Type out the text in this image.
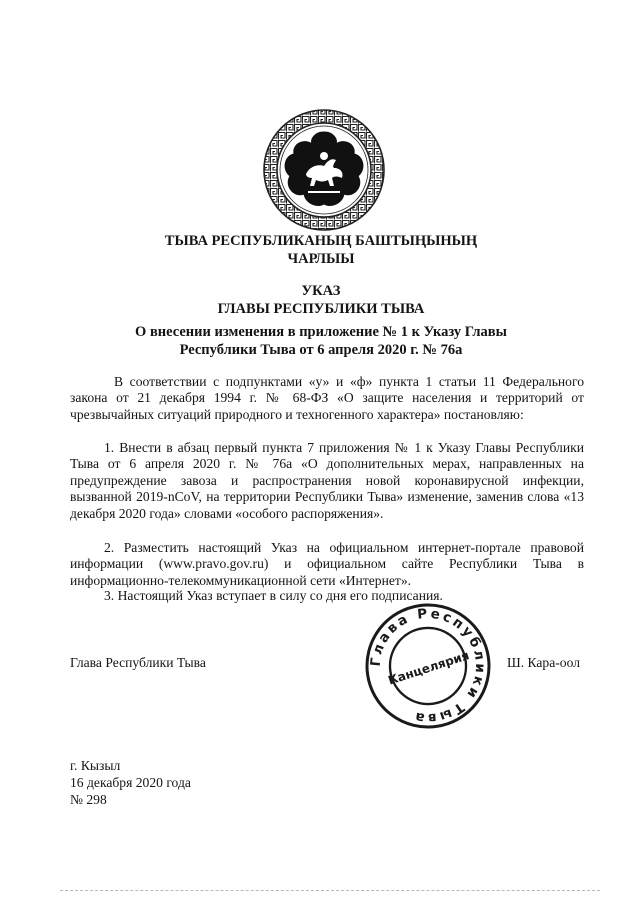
ТЫВА РЕСПУБЛИКАНЫҢ БАШТЫҢЫНЫҢ
ЧАРЛЫЫ
УКАЗ
ГЛАВЫ РЕСПУБЛИКИ ТЫВА
О внесении изменения в приложение № 1 к Указу Главы
Республики Тыва от 6 апреля 2020 г. № 76а

В соответствии с подпунктами «у» и «ф» пункта 1 статьи 11 Федерального закона от 21 декабря 1994 г. № 68-ФЗ «О защите населения и территорий от чрезвычайных ситуаций природного и техногенного характера» постановляю:

1. Внести в абзац первый пункта 7 приложения № 1 к Указу Главы Республики Тыва от 6 апреля 2020 г. № 76а «О дополнительных мерах, направленных на предупреждение завоза и распространения новой коронавирусной инфекции, вызванной 2019-nCoV, на территории Республики Тыва» изменение, заменив слова «13 декабря 2020 года» словами «особого распоряжения».

2. Разместить настоящий Указ на официальном интернет-портале правовой информации (www.pravo.gov.ru) и официальном сайте Республики Тыва в информационно-телекоммуникационной сети «Интернет».

3. Настоящий Указ вступает в силу со дня его подписания.

Глава Республики Тыва
Канцелярия
Глава Республики Тыва	Ш. Кара-оол
г. Кызыл
16 декабря 2020 года
№ 298
